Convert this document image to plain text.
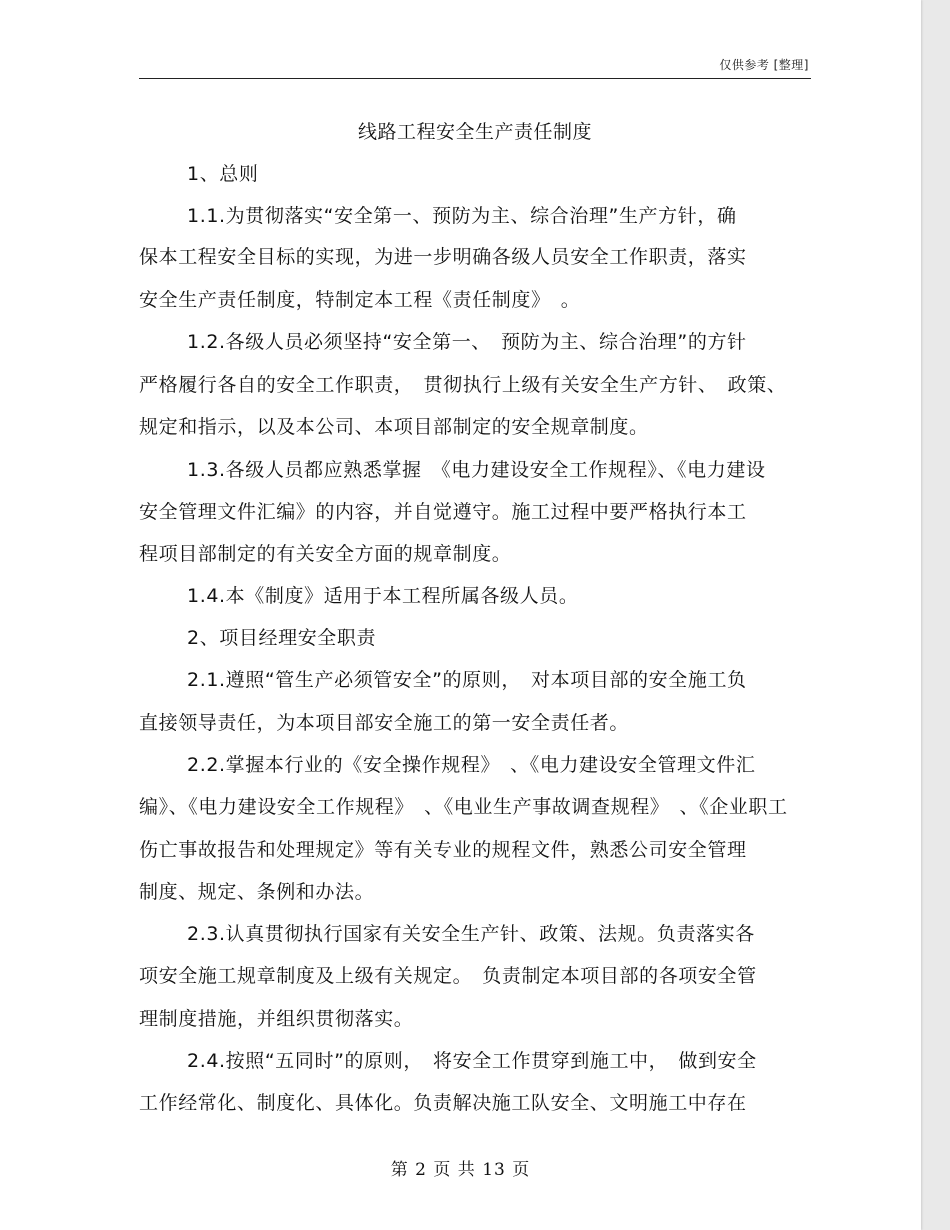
仅供参考 [整理]
线路工程安全生产责任制度
1、总则
1.1.为贯彻落实“安全第一、预防为主、综合治理”生产方针，确
保本工程安全目标的实现，为进一步明确各级人员安全工作职责，落实
安全生产责任制度，特制定本工程《责任制度》　。
1.2.各级人员必须坚持“安全第一、　预防为主、综合治理”的方针
严格履行各自的安全工作职责，　贯彻执行上级有关安全生产方针、　政策、
规定和指示，以及本公司、本项目部制定的安全规章制度。
1.3.各级人员都应熟悉掌握　《电力建设安全工作规程》、《电力建设
安全管理文件汇编》的内容，并自觉遵守。施工过程中要严格执行本工
程项目部制定的有关安全方面的规章制度。
1.4.本《制度》适用于本工程所属各级人员。
2、项目经理安全职责
2.1.遵照“管生产必须管安全”的原则，　对本项目部的安全施工负
直接领导责任，为本项目部安全施工的第一安全责任者。
2.2.掌握本行业的《安全操作规程》　、《电力建设安全管理文件汇
编》、《电力建设安全工作规程》　、《电业生产事故调查规程》　、《企业职工
伤亡事故报告和处理规定》等有关专业的规程文件，熟悉公司安全管理
制度、规定、条例和办法。
2.3.认真贯彻执行国家有关安全生产针、政策、法规。负责落实各
项安全施工规章制度及上级有关规定。　负责制定本项目部的各项安全管
理制度措施，并组织贯彻落实。
2.4.按照“五同时”的原则，　将安全工作贯穿到施工中，　做到安全
工作经常化、制度化、具体化。负责解决施工队安全、文明施工中存在
第 2 页 共 13 页
